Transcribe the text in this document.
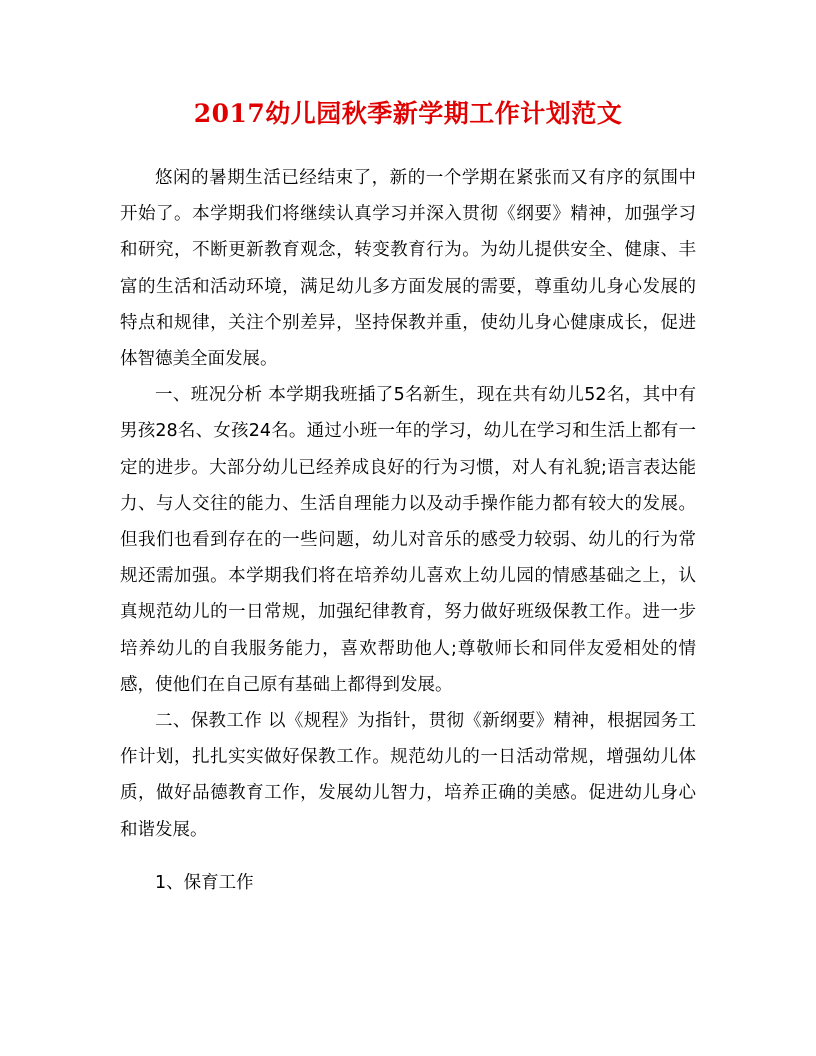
2017幼儿园秋季新学期工作计划范文

悠闲的暑期生活已经结束了，新的一个学期在紧张而又有序的氛围中开始了。本学期我们将继续认真学习并深入贯彻《纲要》精神，加强学习和研究，不断更新教育观念，转变教育行为。为幼儿提供安全、健康、丰富的生活和活动环境，满足幼儿多方面发展的需要，尊重幼儿身心发展的特点和规律，关注个别差异，坚持保教并重，使幼儿身心健康成长，促进体智德美全面发展。

一、班况分析 本学期我班插了5名新生，现在共有幼儿52名，其中有男孩28名、女孩24名。通过小班一年的学习，幼儿在学习和生活上都有一定的进步。大部分幼儿已经养成良好的行为习惯，对人有礼貌;语言表达能力、与人交往的能力、生活自理能力以及动手操作能力都有较大的发展。但我们也看到存在的一些问题，幼儿对音乐的感受力较弱、幼儿的行为常规还需加强。本学期我们将在培养幼儿喜欢上幼儿园的情感基础之上，认真规范幼儿的一日常规，加强纪律教育，努力做好班级保教工作。进一步培养幼儿的自我服务能力，喜欢帮助他人;尊敬师长和同伴友爱相处的情感，使他们在自己原有基础上都得到发展。

二、保教工作 以《规程》为指针，贯彻《新纲要》精神，根据园务工作计划，扎扎实实做好保教工作。规范幼儿的一日活动常规，增强幼儿体质，做好品德教育工作，发展幼儿智力，培养正确的美感。促进幼儿身心和谐发展。

1、保育工作
